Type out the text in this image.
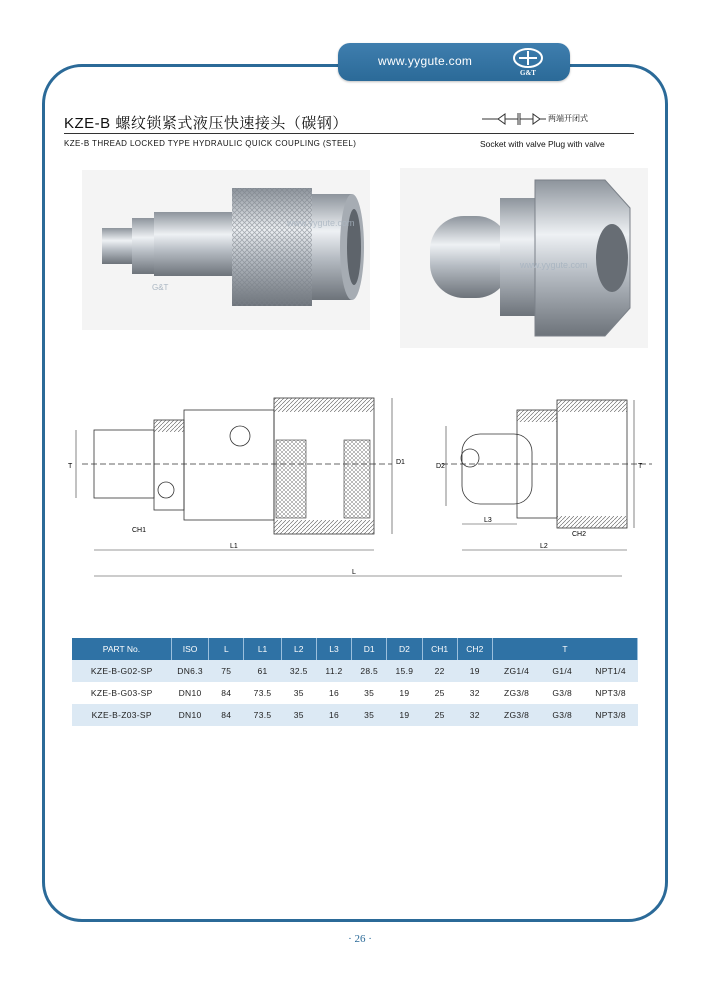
www.yygute.com
G&T
KZE-B 螺纹锁紧式液压快速接头（碳钢）
KZE-B THREAD LOCKED TYPE HYDRAULIC QUICK COUPLING (STEEL)
两端开闭式
Socket with valve Plug with valve
www.yygute.com
G&T
www.yygute.com
T
D1
CH1
L1
L
D2
L3
L2
CH2
T
PART No.	ISO	L	L1	L2	L3	D1	D2	CH1	CH2	T
KZE-B-G02-SP	DN6.3	75	61	32.5	11.2	28.5	15.9	22	19	ZG1/4 G1/4 NPT1/4

KZE-B-G03-SP	DN10	84	73.5	35	16	35	19	25	32	ZG3/8 G3/8 NPT3/8

KZE-B-Z03-SP	DN10	84	73.5	35	16	35	19	25	32	ZG3/8 G3/8 NPT3/8
· 26 ·
